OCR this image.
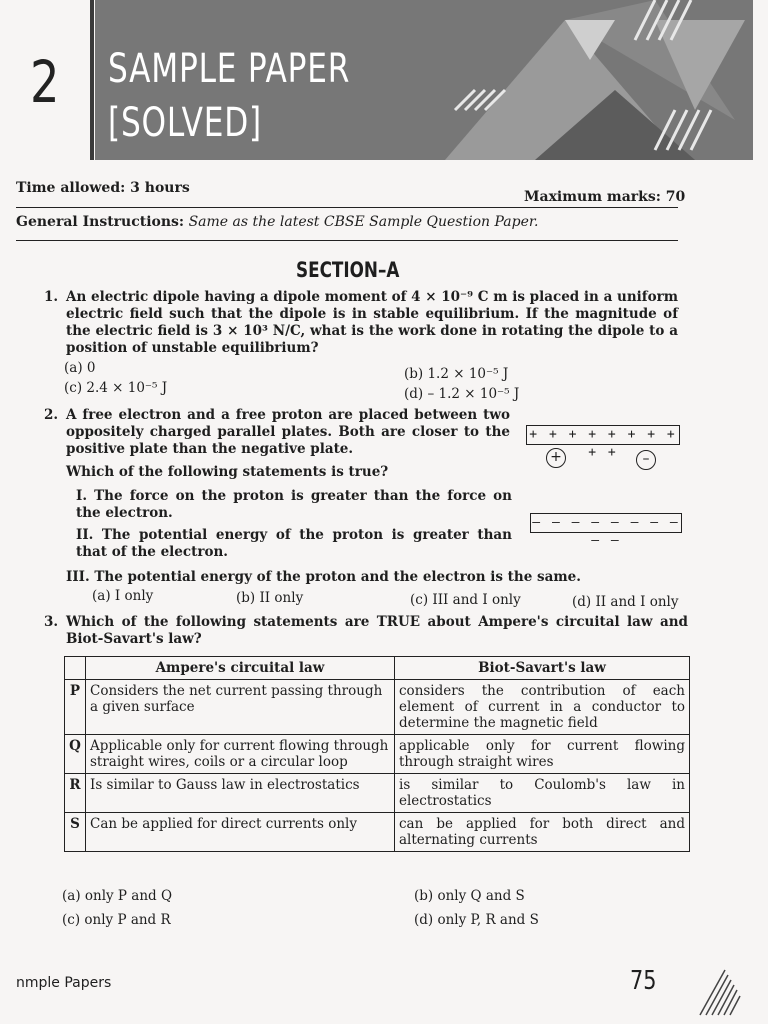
2 SAMPLE PAPER
[SOLVED]
Time allowed: 3 hours
Maximum marks: 70
General Instructions: Same as the latest CBSE Sample Question Paper.
SECTION–A
1. An electric dipole having a dipole moment of 4 × 10⁻⁹ C m is placed in a uniform electric field such that the dipole is in stable equilibrium. If the magnitude of the electric field is 3 × 10³ N/C, what is the work done in rotating the dipole to a position of unstable equilibrium?
(a) 0	(b) 1.2 × 10⁻⁵ J
(c) 2.4 × 10⁻⁵ J	(d) – 1.2 × 10⁻⁵ J
2. A free electron and a free proton are placed between two oppositely charged parallel plates. Both are closer to the positive plate than the negative plate.
Which of the following statements is true?
I. The force on the proton is greater than the force on the electron.
II. The potential energy of the proton is greater than that of the electron.
III. The potential energy of the proton and the electron is the same.
(a) I only	(b) II only	(c) III and I only	(d) II and I only
+ + + + + + + + + +
+	–
– – – – – – – – – –
3. Which of the following statements are TRUE about Ampere's circuital law and Biot-Savart's law?
	Ampere's circuital law	Biot-Savart's law
P	Considers the net current passing through a given surface	considers the contribution of each element of current in a conductor to determine the magnetic field
Q	Applicable only for current flowing through straight wires, coils or a circular loop	applicable only for current flowing through straight wires
R	Is similar to Gauss law in electrostatics	is similar to Coulomb's law in electrostatics
S	Can be applied for direct currents only	can be applied for both direct and alternating currents
(a) only P and Q	(b) only Q and S
(c) only P and R	(d) only P, R and S
nmple Papers	75
